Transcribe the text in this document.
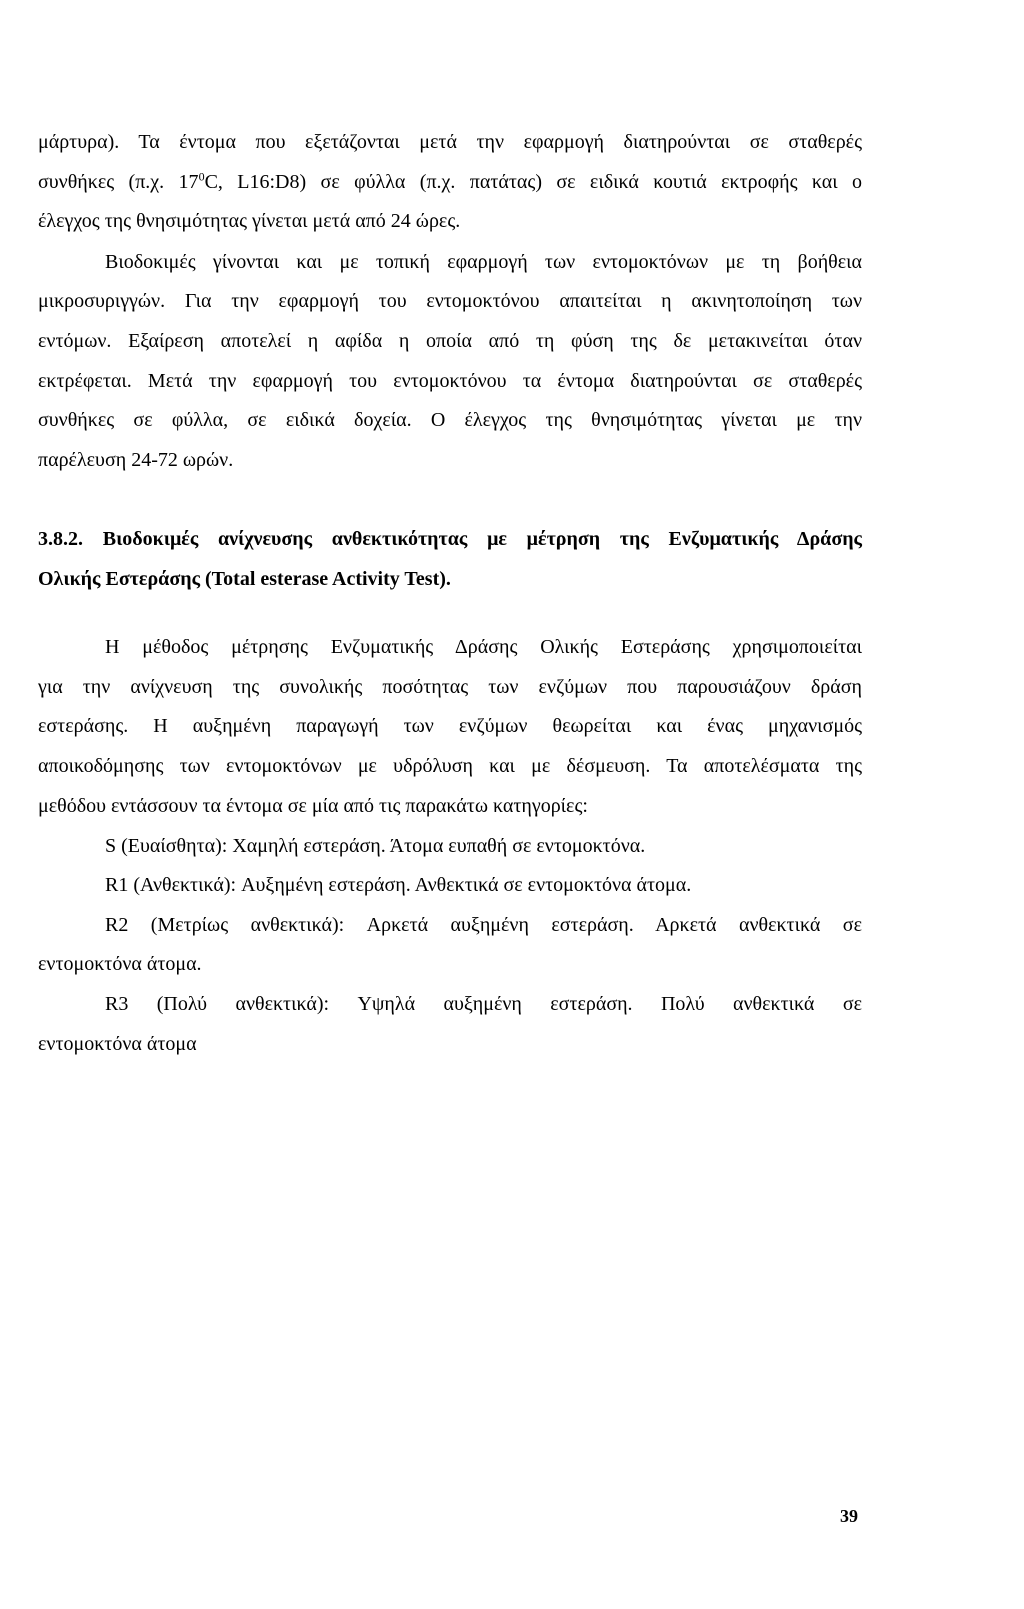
μάρτυρα). Τα έντομα που εξετάζονται μετά την εφαρμογή διατηρούνται σε σταθερές
συνθήκες (π.χ. $17^0C$, L16:D8) σε φύλλα (π.χ. πατάτας) σε ειδικά κουτιά εκτροφής και ο
έλεγχος της θνησιμότητας γίνεται μετά από 24 ώρες.
Βιοδοκιμές γίνονται και με τοπική εφαρμογή των εντομοκτόνων με τη βοήθεια
μικροσυριγγών. Για την εφαρμογή του εντομοκτόνου απαιτείται η ακινητοποίηση των
εντόμων. Εξαίρεση αποτελεί η αφίδα η οποία από τη φύση της δε μετακινείται όταν
εκτρέφεται. Μετά την εφαρμογή του εντομοκτόνου τα έντομα διατηρούνται σε σταθερές
συνθήκες σε φύλλα, σε ειδικά δοχεία. Ο έλεγχος της θνησιμότητας γίνεται με την
παρέλευση 24-72 ωρών.
3.8.2. Βιοδοκιμές ανίχνευσης ανθεκτικότητας με μέτρηση της Ενζυματικής Δράσης
Ολικής Εστεράσης (Total esterase Activity Test).
Η μέθοδος μέτρησης Ενζυματικής Δράσης Ολικής Εστεράσης χρησιμοποιείται
για την ανίχνευση της συνολικής ποσότητας των ενζύμων που παρουσιάζουν δράση
εστεράσης. Η αυξημένη παραγωγή των ενζύμων θεωρείται και ένας μηχανισμός
αποικοδόμησης των εντομοκτόνων με υδρόλυση και με δέσμευση. Τα αποτελέσματα της
μεθόδου εντάσσουν τα έντομα σε μία από τις παρακάτω κατηγορίες:
S (Ευαίσθητα): Χαμηλή εστεράση. Άτομα ευπαθή σε εντομοκτόνα.
R1 (Ανθεκτικά): Αυξημένη εστεράση. Ανθεκτικά σε εντομοκτόνα άτομα.
R2 (Μετρίως ανθεκτικά): Αρκετά αυξημένη εστεράση. Αρκετά ανθεκτικά σε
εντομοκτόνα άτομα.
R3 (Πολύ ανθεκτικά): Υψηλά αυξημένη εστεράση. Πολύ ανθεκτικά σε
εντομοκτόνα άτομα
39
